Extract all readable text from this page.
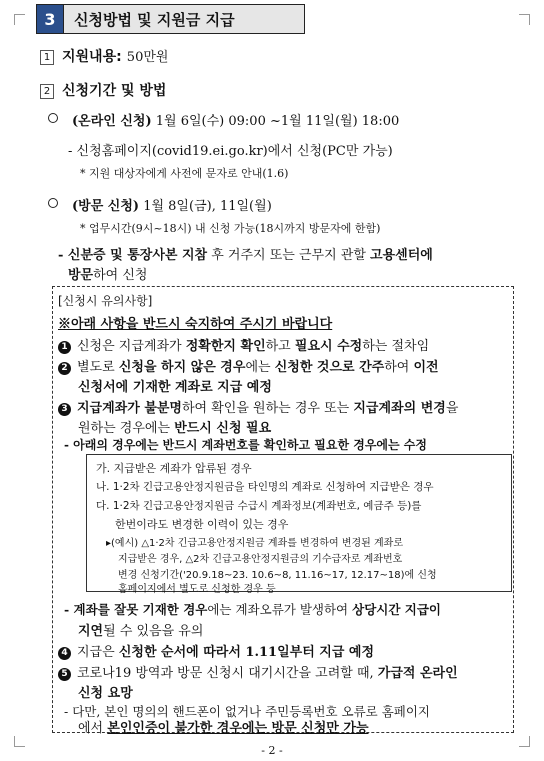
3	신청방법 및 지원금 지급
1 지원내용: 50만원
2 신청기간 및 방법
(온라인 신청) 1월 6일(수) 09:00 ~1월 11일(월) 18:00
- 신청홈페이지(covid19.ei.go.kr)에서 신청(PC만 가능)
* 지원 대상자에게 사전에 문자로 안내(1.6)
(방문 신청) 1월 8일(금), 11일(월)
* 업무시간(9시~18시) 내 신청 가능(18시까지 방문자에 한함)
- 신분증 및 통장사본 지참 후 거주지 또는 근무지 관할 고용센터에
방문하여 신청
[신청시 유의사항]
※아래 사항을 반드시 숙지하여 주시기 바랍니다
1 신청은 지급계좌가 정확한지 확인하고 필요시 수정하는 절차임
2 별도로 신청을 하지 않은 경우에는 신청한 것으로 간주하여 이전
신청서에 기재한 계좌로 지급 예정
3 지급계좌가 불분명하여 확인을 원하는 경우 또는 지급계좌의 변경을
원하는 경우에는 반드시 신청 필요
- 아래의 경우에는 반드시 계좌번호를 확인하고 필요한 경우에는 수정
가. 지급받은 계좌가 압류된 경우
나. 1·2차 긴급고용안정지원금을 타인명의 계좌로 신청하여 지급받은 경우
다. 1·2차 긴급고용안정지원금 수급시 계좌정보(계좌번호, 예금주 등)를
한번이라도 변경한 이력이 있는 경우
▸(예시) △1·2차 긴급고용안정지원금 계좌를 변경하여 변경된 계좌로
지급받은 경우, △2차 긴급고용안정지원금의 기수급자로 계좌번호
변경 신청기간('20.9.18~23. 10.6~8, 11.16~17, 12.17~18)에 신청
홈페이지에서 별도로 신청한 경우 등
- 계좌를 잘못 기재한 경우에는 계좌오류가 발생하여 상당시간 지급이
지연될 수 있음을 유의
4 지급은 신청한 순서에 따라서 1.11일부터 지급 예정
5 코로나19 방역과 방문 신청시 대기시간을 고려할 때, 가급적 온라인
신청 요망
- 다만, 본인 명의의 핸드폰이 없거나 주민등록번호 오류로 홈페이지
에서 본인인증이 불가한 경우에는 방문 신청만 가능
- 2 -
